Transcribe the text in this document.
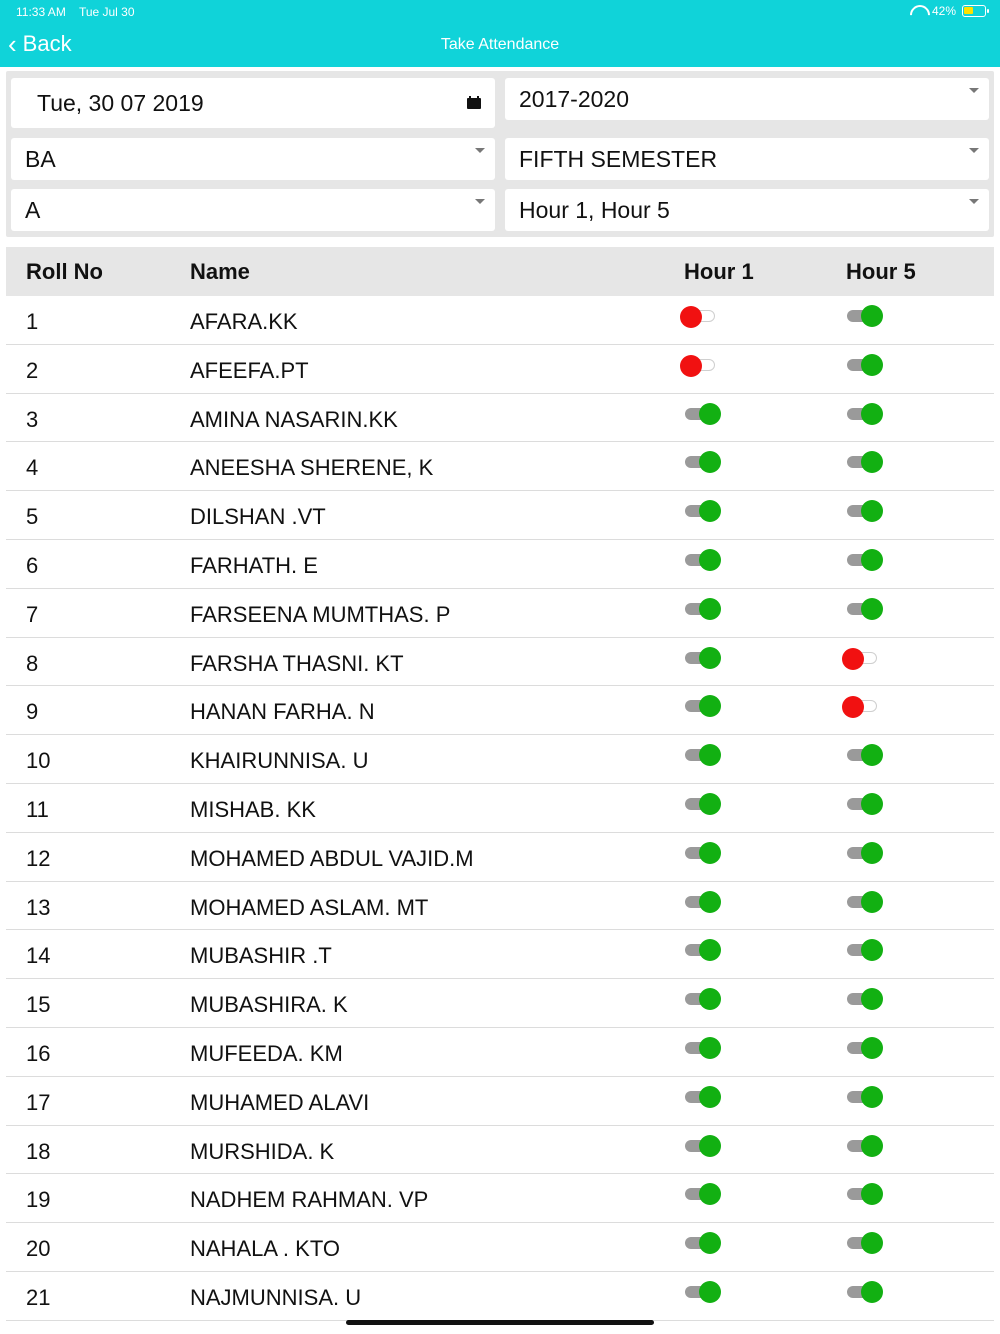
11:33 AM Tue Jul 30	42%
‹ Back	Take Attendance
Tue, 30 07 2019	2017-2020
BA	FIFTH SEMESTER
A	Hour 1, Hour 5
Roll No	Name	Hour 1	Hour 5
1	AFARA.KK
2	AFEEFA.PT
3	AMINA NASARIN.KK
4	ANEESHA SHERENE, K
5	DILSHAN .VT
6	FARHATH. E
7	FARSEENA MUMTHAS. P
8	FARSHA THASNI. KT
9	HANAN FARHA. N
10	KHAIRUNNISA. U
11	MISHAB. KK
12	MOHAMED ABDUL VAJID.M
13	MOHAMED ASLAM. MT
14	MUBASHIR .T
15	MUBASHIRA. K
16	MUFEEDA. KM
17	MUHAMED ALAVI
18	MURSHIDA. K
19	NADHEM RAHMAN. VP
20	NAHALA . KTO
21	NAJMUNNISA. U
